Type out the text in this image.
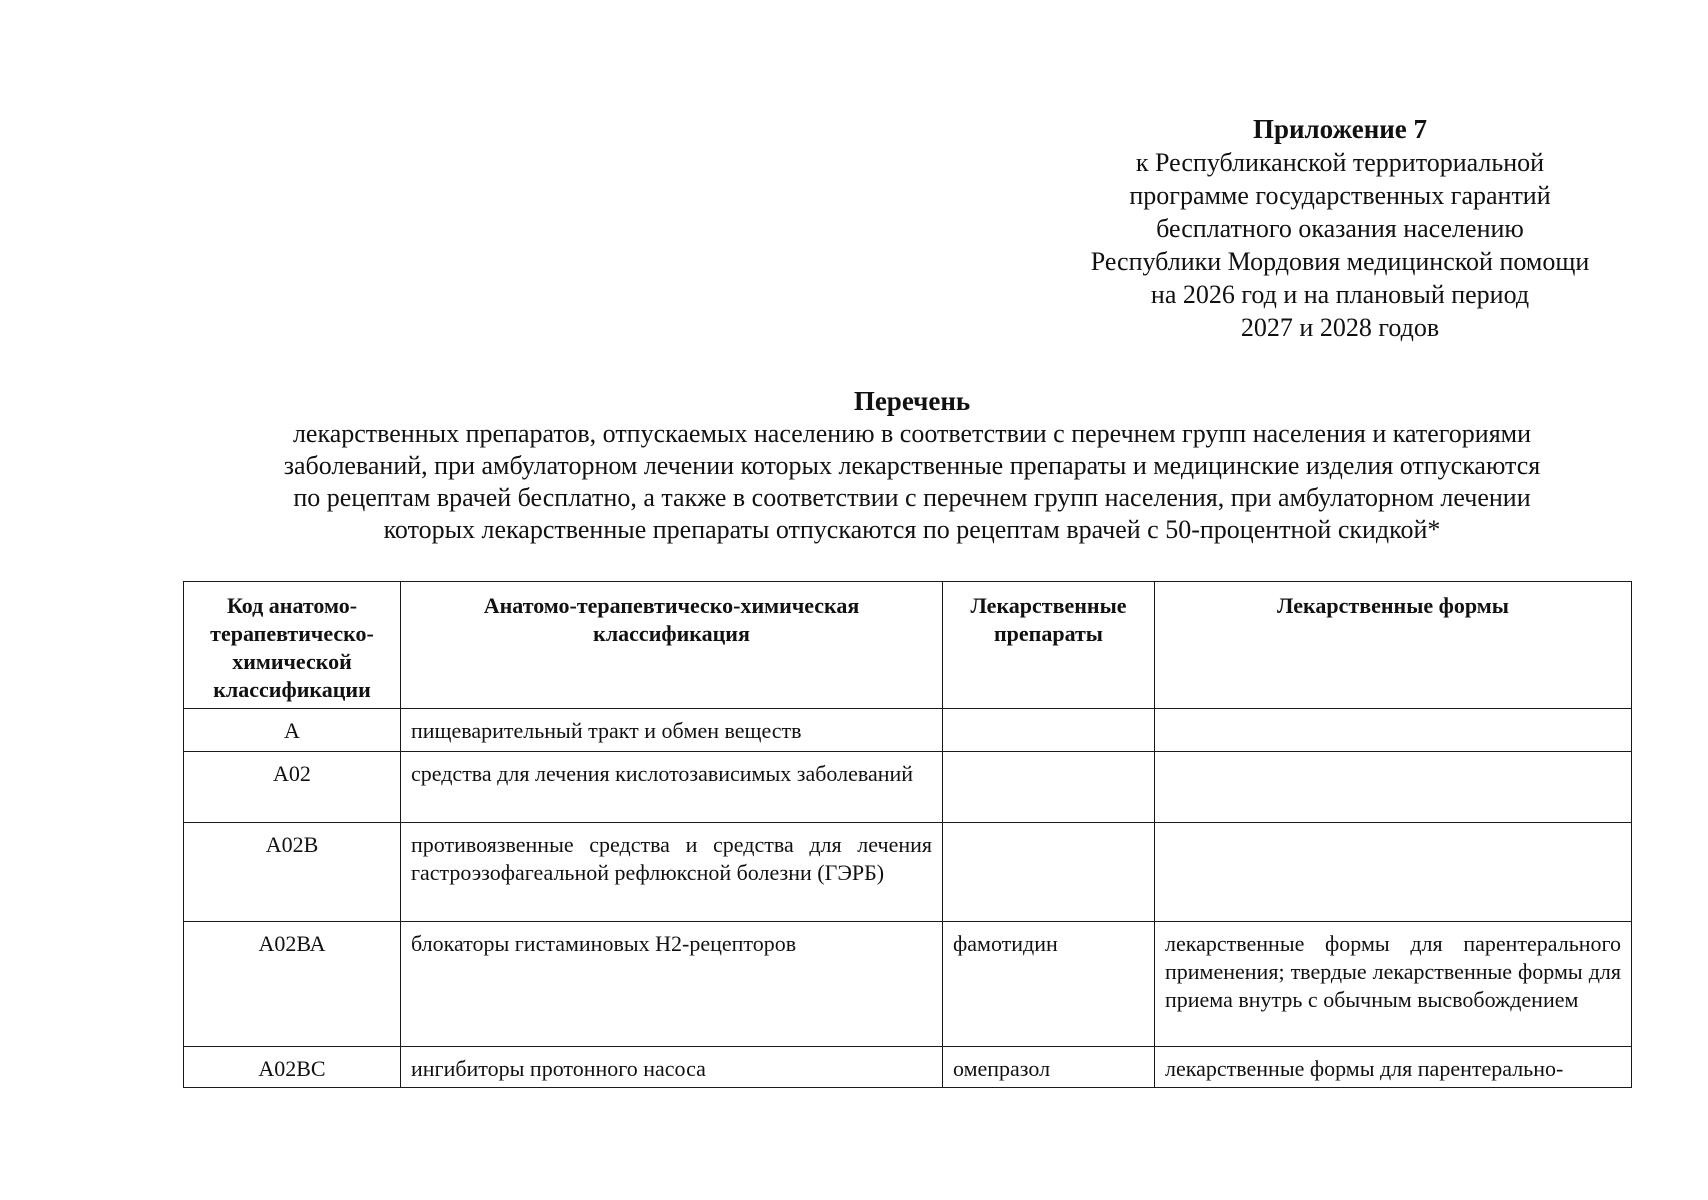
Приложение 7
к Республиканской территориальной
программе государственных гарантий
бесплатного оказания населению
Республики Мордовия медицинской помощи
на 2026 год и на плановый период
2027 и 2028 годов
Перечень
лекарственных препаратов, отпускаемых населению в соответствии с перечнем групп населения и категориями
заболеваний, при амбулаторном лечении которых лекарственные препараты и медицинские изделия отпускаются
по рецептам врачей бесплатно, а также в соответствии с перечнем групп населения, при амбулаторном лечении
которых лекарственные препараты отпускаются по рецептам врачей с 50-процентной скидкой*
Код анатомо-терапевтическо-химической классификации	Анатомо-терапевтическо-химическая классификация	Лекарственные препараты	Лекарственные формы
А	пищеварительный тракт и обмен веществ		
А02	средства для лечения кислотозависимых заболеваний		
А02В	противоязвенные средства и средства для лечения гастроэзофагеальной рефлюксной болезни (ГЭРБ)		
А02ВА	блокаторы гистаминовых Н2-рецепторов	фамотидин	лекарственные формы для парентерального применения; твердые лекарственные формы для приема внутрь с обычным высвобождением
А02ВС	ингибиторы протонного насоса	омепразол	лекарственные формы для парентерально-
